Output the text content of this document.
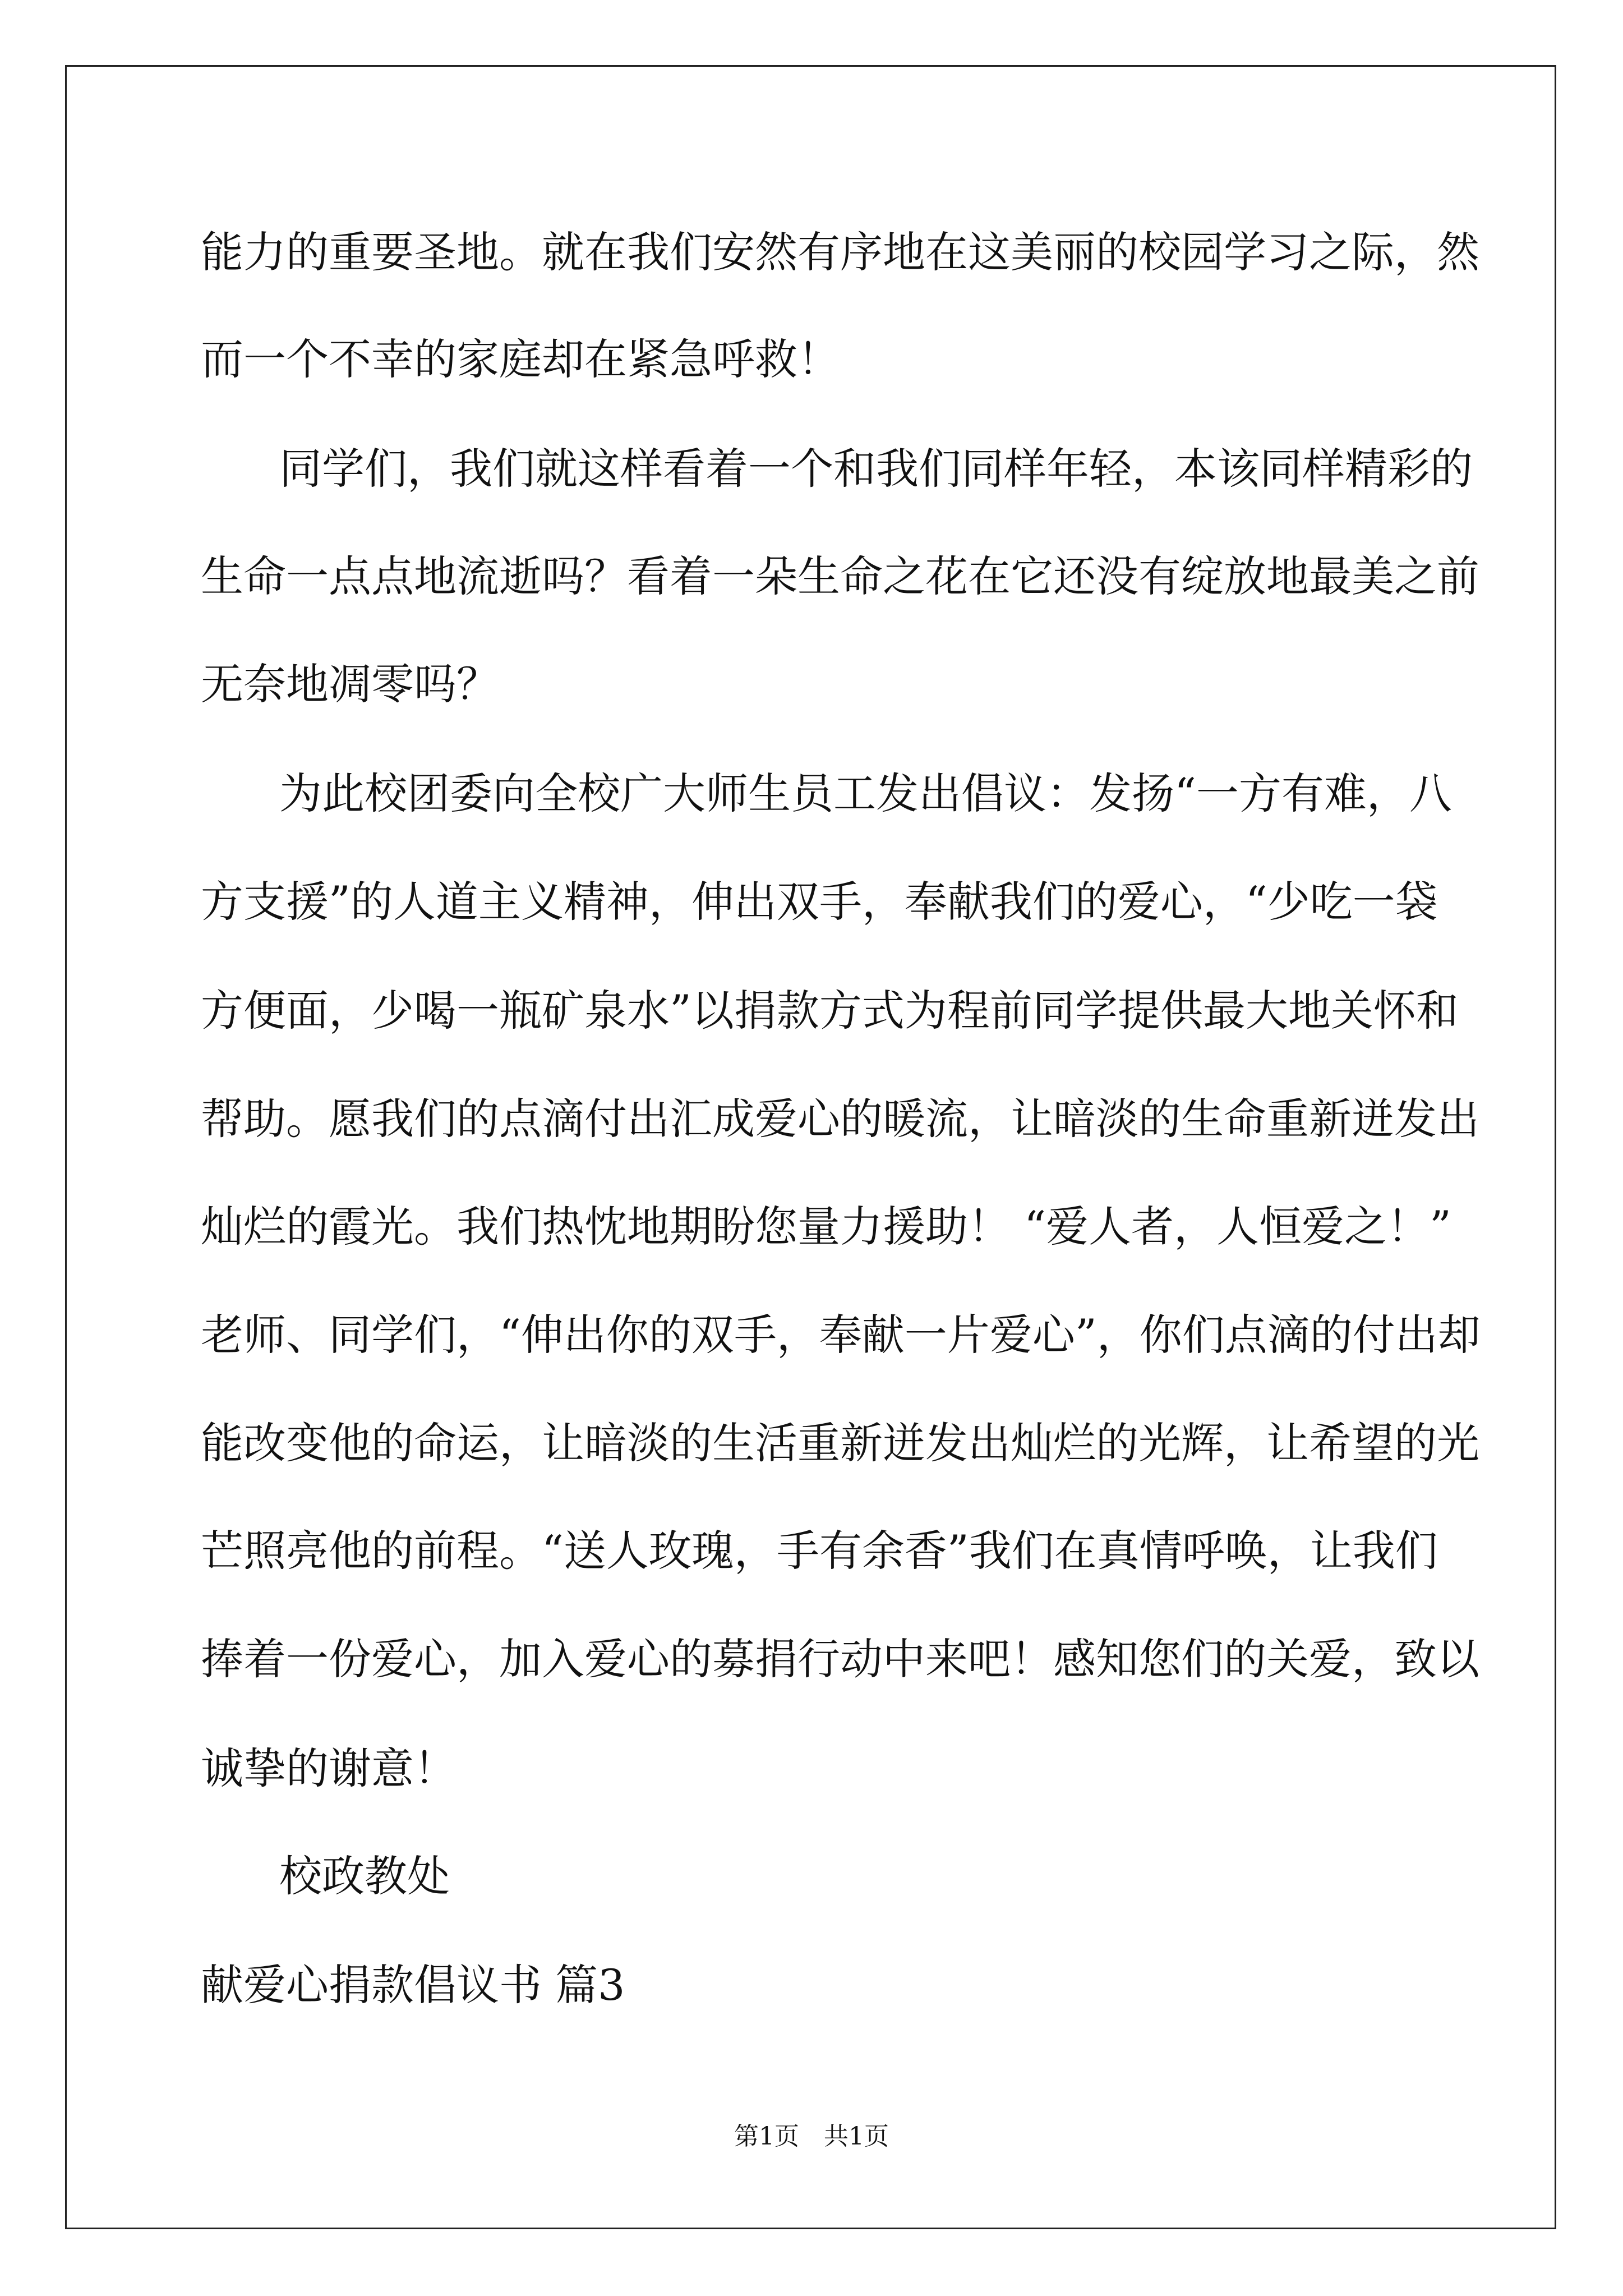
能力的重要圣地。就在我们安然有序地在这美丽的校园学习之际，然
而一个不幸的家庭却在紧急呼救！
同学们，我们就这样看着一个和我们同样年轻，本该同样精彩的
生命一点点地流逝吗？看着一朵生命之花在它还没有绽放地最美之前
无奈地凋零吗？
为此校团委向全校广大师生员工发出倡议：发扬“一方有难，八
方支援”的人道主义精神，伸出双手，奉献我们的爱心，“少吃一袋
方便面，少喝一瓶矿泉水”以捐款方式为程前同学提供最大地关怀和
帮助。愿我们的点滴付出汇成爱心的暖流，让暗淡的生命重新迸发出
灿烂的霞光。我们热忱地期盼您量力援助！ “爱人者，人恒爱之！”
老师、同学们，“伸出你的双手，奉献一片爱心”，你们点滴的付出却
能改变他的命运，让暗淡的生活重新迸发出灿烂的光辉，让希望的光
芒照亮他的前程。“送人玫瑰，手有余香”我们在真情呼唤，让我们
捧着一份爱心，加入爱心的募捐行动中来吧！感知您们的关爱，致以
诚挚的谢意！
校政教处
献爱心捐款倡议书 篇3
第1页　共1页
